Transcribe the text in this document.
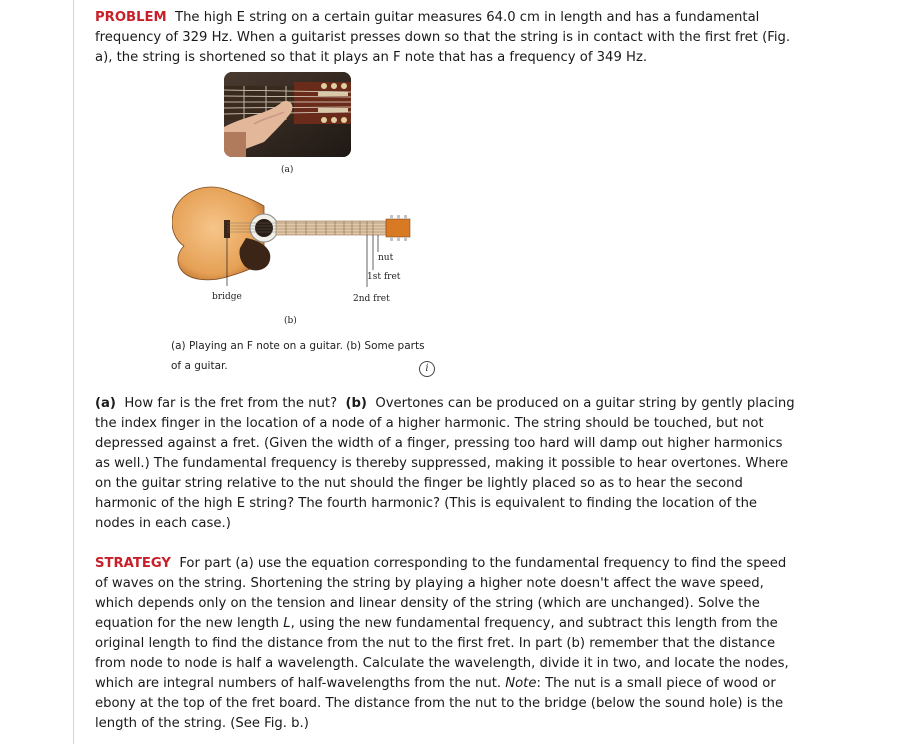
PROBLEM The high E string on a certain guitar measures 64.0 cm in length and has a fundamental frequency of 329 Hz. When a guitarist presses down so that the string is in contact with the first fret (Fig. a), the string is shortened so that it plays an F note that has a frequency of 349 Hz.

(a)
nut
1st fret
bridge	2nd fret
(b)
(a) Playing an F note on a guitar. (b) Some parts of a guitar.	i

(a) How far is the fret from the nut? (b) Overtones can be produced on a guitar string by gently placing the index finger in the location of a node of a higher harmonic. The string should be touched, but not depressed against a fret. (Given the width of a finger, pressing too hard will damp out higher harmonics as well.) The fundamental frequency is thereby suppressed, making it possible to hear overtones. Where on the guitar string relative to the nut should the finger be lightly placed so as to hear the second harmonic of the high E string? The fourth harmonic? (This is equivalent to finding the location of the nodes in each case.)

STRATEGY For part (a) use the equation corresponding to the fundamental frequency to find the speed of waves on the string. Shortening the string by playing a higher note doesn't affect the wave speed, which depends only on the tension and linear density of the string (which are unchanged). Solve the equation for the new length L, using the new fundamental frequency, and subtract this length from the original length to find the distance from the nut to the first fret. In part (b) remember that the distance from node to node is half a wavelength. Calculate the wavelength, divide it in two, and locate the nodes, which are integral numbers of half-wavelengths from the nut. Note: The nut is a small piece of wood or ebony at the top of the fret board. The distance from the nut to the bridge (below the sound hole) is the length of the string. (See Fig. b.)
